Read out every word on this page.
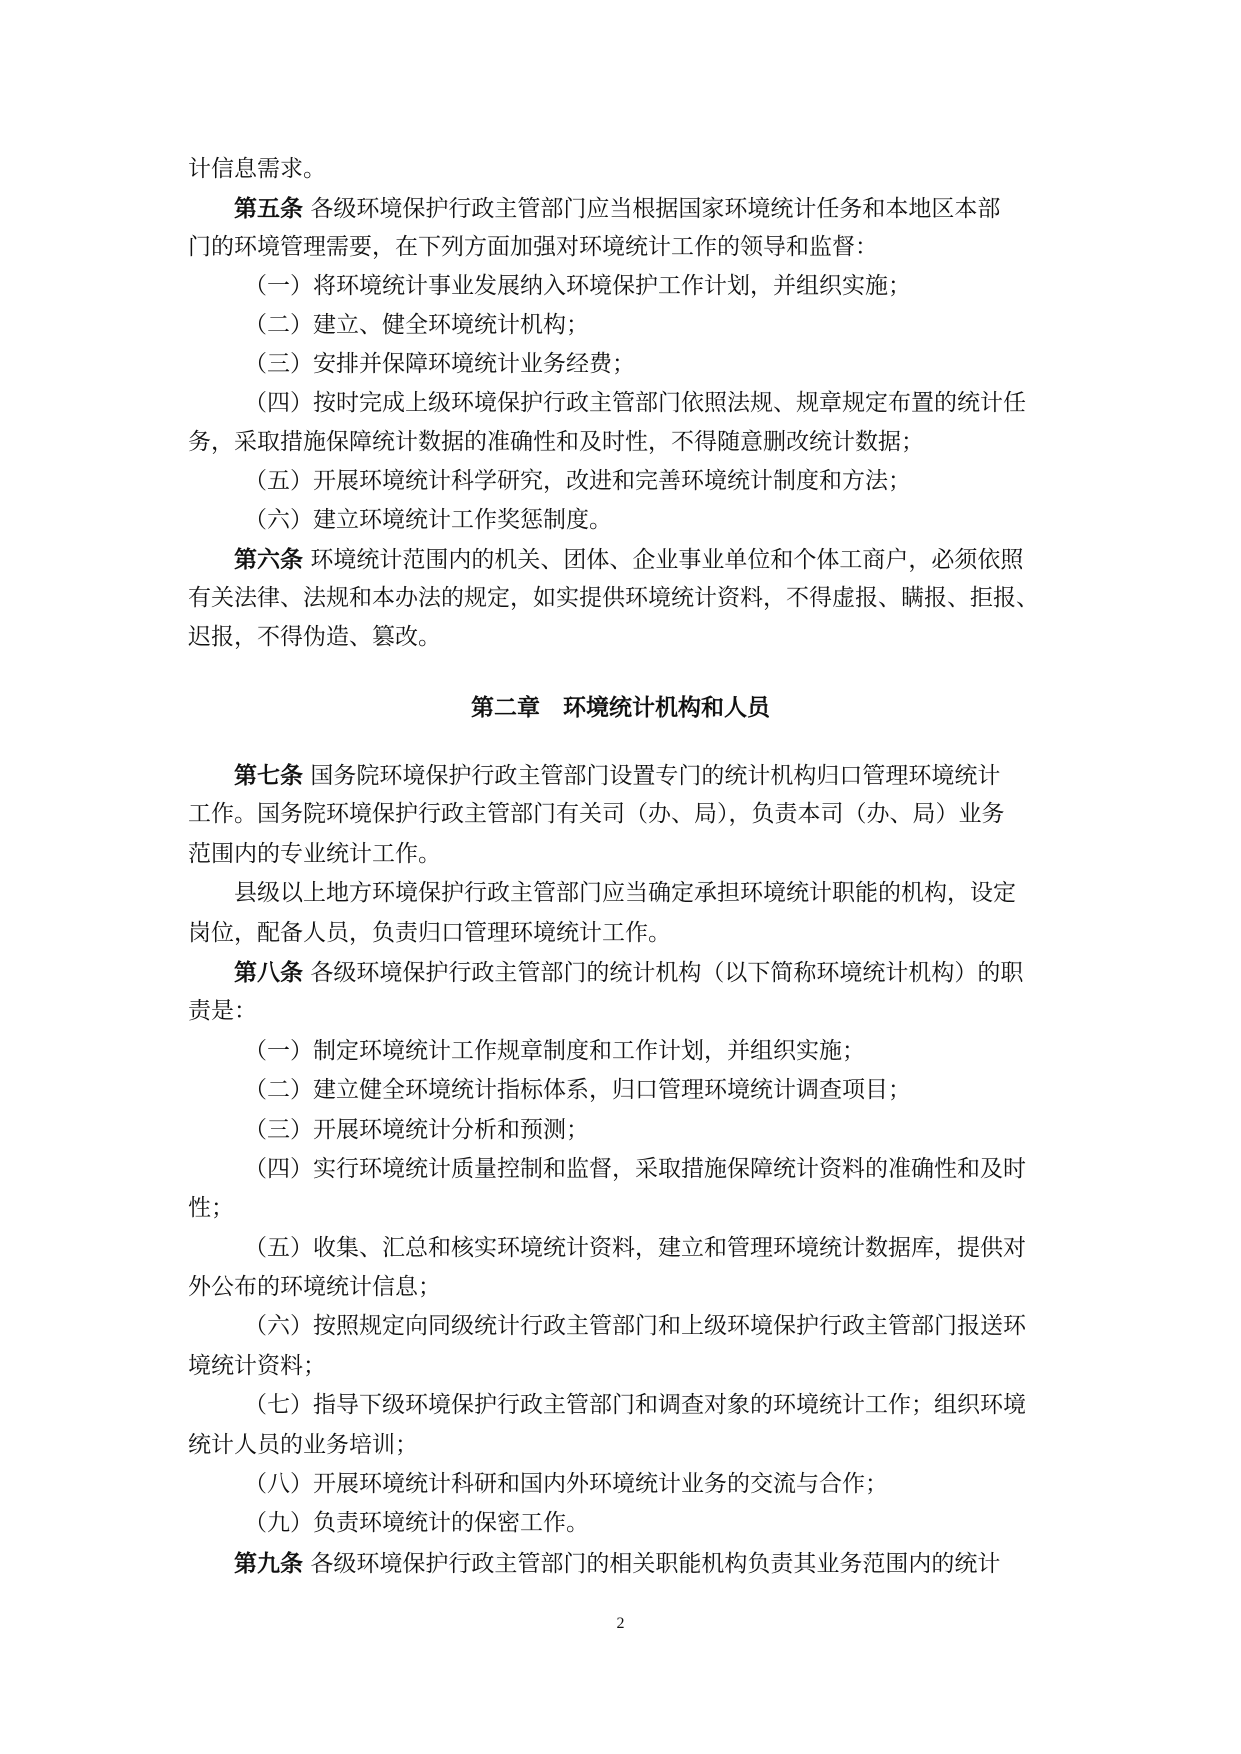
计信息需求。
第五条 各级环境保护行政主管部门应当根据国家环境统计任务和本地区本部
门的环境管理需要，在下列方面加强对环境统计工作的领导和监督：
（一）将环境统计事业发展纳入环境保护工作计划，并组织实施；
（二）建立、健全环境统计机构；
（三）安排并保障环境统计业务经费；
（四）按时完成上级环境保护行政主管部门依照法规、规章规定布置的统计任
务，采取措施保障统计数据的准确性和及时性，不得随意删改统计数据；
（五）开展环境统计科学研究，改进和完善环境统计制度和方法；
（六）建立环境统计工作奖惩制度。
第六条 环境统计范围内的机关、团体、企业事业单位和个体工商户，必须依照
有关法律、法规和本办法的规定，如实提供环境统计资料，不得虚报、瞒报、拒报、
迟报，不得伪造、篡改。
第二章　环境统计机构和人员
第七条 国务院环境保护行政主管部门设置专门的统计机构归口管理环境统计
工作。国务院环境保护行政主管部门有关司（办、局），负责本司（办、局）业务
范围内的专业统计工作。
县级以上地方环境保护行政主管部门应当确定承担环境统计职能的机构，设定
岗位，配备人员，负责归口管理环境统计工作。
第八条 各级环境保护行政主管部门的统计机构（以下简称环境统计机构）的职
责是：
（一）制定环境统计工作规章制度和工作计划，并组织实施；
（二）建立健全环境统计指标体系，归口管理环境统计调查项目；
（三）开展环境统计分析和预测；
（四）实行环境统计质量控制和监督，采取措施保障统计资料的准确性和及时
性；
（五）收集、汇总和核实环境统计资料，建立和管理环境统计数据库，提供对
外公布的环境统计信息；
（六）按照规定向同级统计行政主管部门和上级环境保护行政主管部门报送环
境统计资料；
（七）指导下级环境保护行政主管部门和调查对象的环境统计工作；组织环境
统计人员的业务培训；
（八）开展环境统计科研和国内外环境统计业务的交流与合作；
（九）负责环境统计的保密工作。
第九条 各级环境保护行政主管部门的相关职能机构负责其业务范围内的统计
2
